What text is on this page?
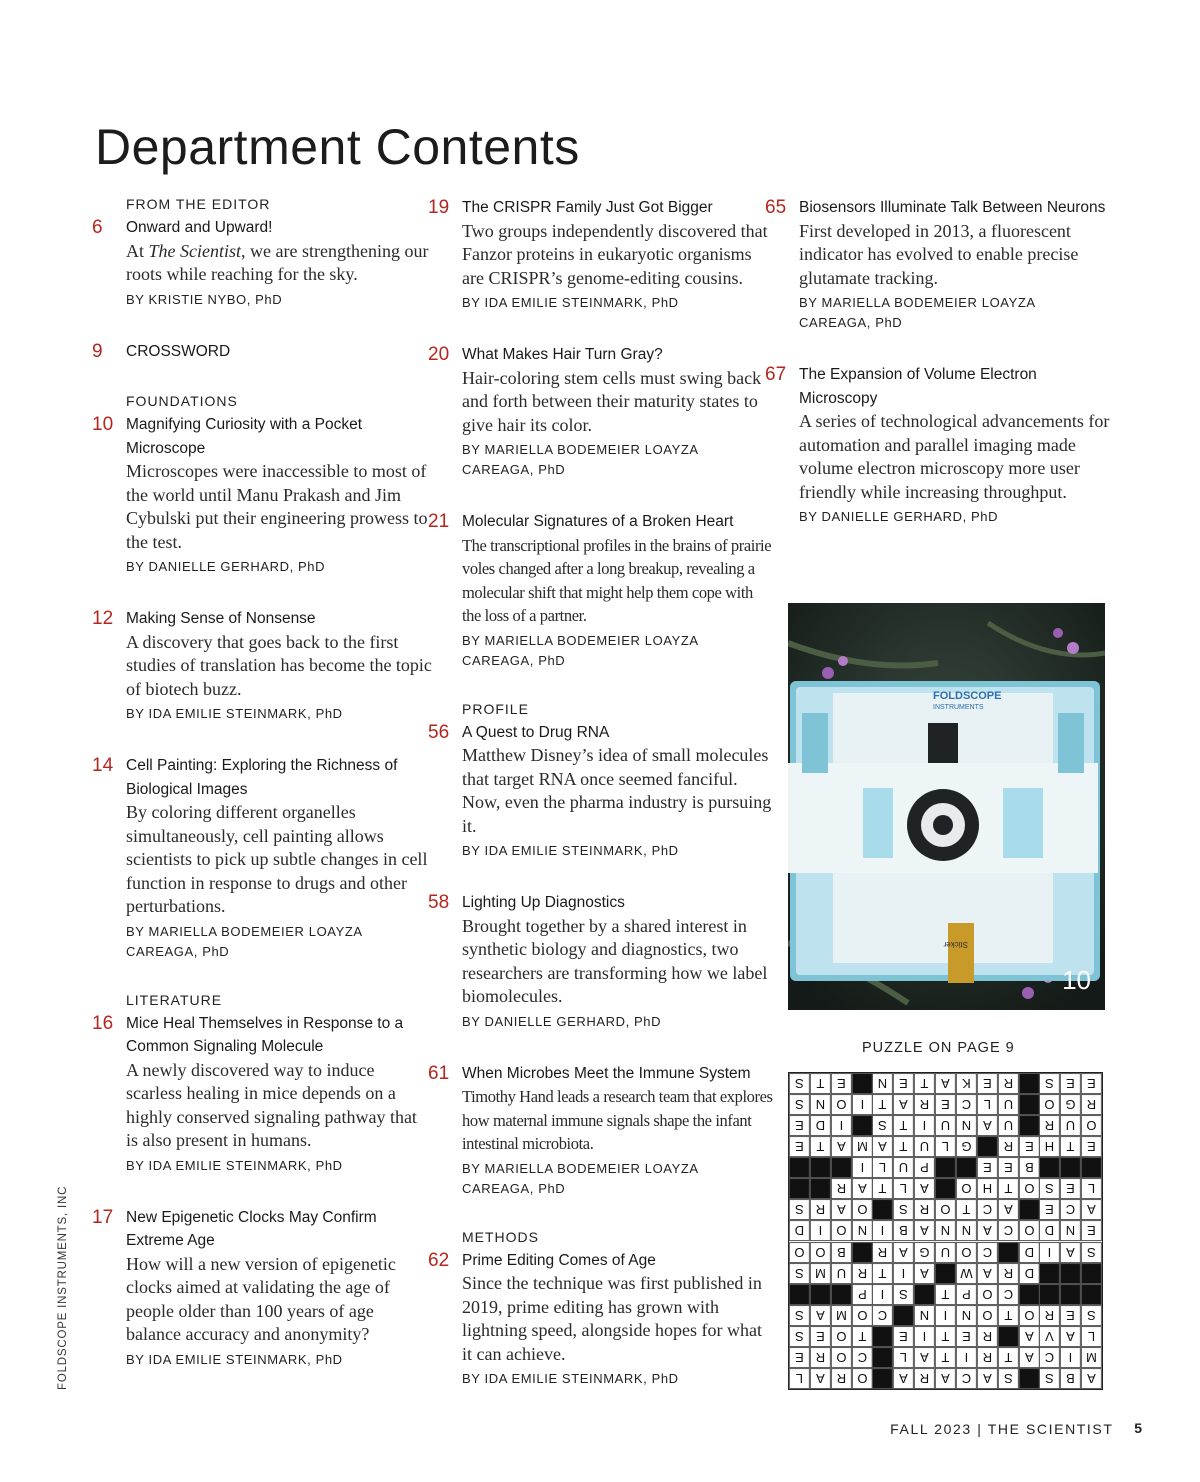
Department Contents
FROM THE EDITOR
6	Onward and Upward!
At The Scientist, we are strengthening our roots while reaching for the sky.
BY KRISTIE NYBO, PhD
9	CROSSWORD
FOUNDATIONS
10 Magnifying Curiosity with a Pocket Microscope
Microscopes were inaccessible to most of the world until Manu Prakash and Jim Cybulski put their engineering prowess to the test.
BY DANIELLE GERHARD, PhD
12 Making Sense of Nonsense
A discovery that goes back to the first studies of translation has become the topic of biotech buzz.
BY IDA EMILIE STEINMARK, PhD
14 Cell Painting: Exploring the Richness of Biological Images
By coloring different organelles simultaneously, cell painting allows scientists to pick up subtle changes in cell function in response to drugs and other perturbations.
BY MARIELLA BODEMEIER LOAYZA CAREAGA, PhD
LITERATURE
16 Mice Heal Themselves in Response to a Common Signaling Molecule
A newly discovered way to induce scarless healing in mice depends on a highly conserved signaling pathway that is also present in humans.
BY IDA EMILIE STEINMARK, PhD
17 New Epigenetic Clocks May Confirm Extreme Age
How will a new version of epigenetic clocks aimed at validating the age of people older than 100 years of age balance accuracy and anonymity?
BY IDA EMILIE STEINMARK, PhD
19 The CRISPR Family Just Got Bigger
Two groups independently discovered that Fanzor proteins in eukaryotic organisms are CRISPR’s genome-editing cousins.
BY IDA EMILIE STEINMARK, PhD
20 What Makes Hair Turn Gray?
Hair-coloring stem cells must swing back and forth between their maturity states to give hair its color.
BY MARIELLA BODEMEIER LOAYZA CAREAGA, PhD
21 Molecular Signatures of a Broken Heart
The transcriptional profiles in the brains of prairie voles changed after a long breakup, revealing a molecular shift that might help them cope with the loss of a partner.
BY MARIELLA BODEMEIER LOAYZA CAREAGA, PhD
PROFILE
56 A Quest to Drug RNA
Matthew Disney’s idea of small molecules that target RNA once seemed fanciful. Now, even the pharma industry is pursuing it.
BY IDA EMILIE STEINMARK, PhD
58 Lighting Up Diagnostics
Brought together by a shared interest in synthetic biology and diagnostics, two researchers are transforming how we label biomolecules.
BY DANIELLE GERHARD, PhD
61 When Microbes Meet the Immune System
Timothy Hand leads a research team that explores how maternal immune signals shape the infant intestinal microbiota.
BY MARIELLA BODEMEIER LOAYZA CAREAGA, PhD
METHODS
62 Prime Editing Comes of Age
Since the technique was first published in 2019, prime editing has grown with lightning speed, alongside hopes for what it can achieve.
BY IDA EMILIE STEINMARK, PhD
65 Biosensors Illuminate Talk Between Neurons
First developed in 2013, a fluorescent indicator has evolved to enable precise glutamate tracking.
BY MARIELLA BODEMEIER LOAYZA CAREAGA, PhD
67 The Expansion of Volume Electron Microscopy
A series of technological advancements for automation and parallel imaging made volume electron microscopy more user friendly while increasing throughput.
BY DANIELLE GERHARD, PhD
FOLDSCOPE
INSTRUMENTS
Sticker
10
PUZZLE ON PAGE 9
S T E	N E T A K E R	S E E
S N O	I	T A R E C L U	O G R
E D	I	S T	I	U N A U	R U O
E T A M A T U L G	R E H T E
I	L U P	E E B
R A T	L A	O H T O S E L
S R A O	S R O T C A	E C A
D	I	O N	I	B A N N A C O D N E
O O B	R A G U O C	D	I	A S
S M U R T	I	A	W A R D
P	I	S	T P O C
S A M O C	N	I	N O T O R E S
S E O T	E	I	T E R	A V A L
E R O C	L A T	I	R T A C	I	M
L A R O	A R A C A S	S B A
FOLDSCOPE INSTRUMENTS, INC
FALL 2023 | THE SCIENTIST	5
